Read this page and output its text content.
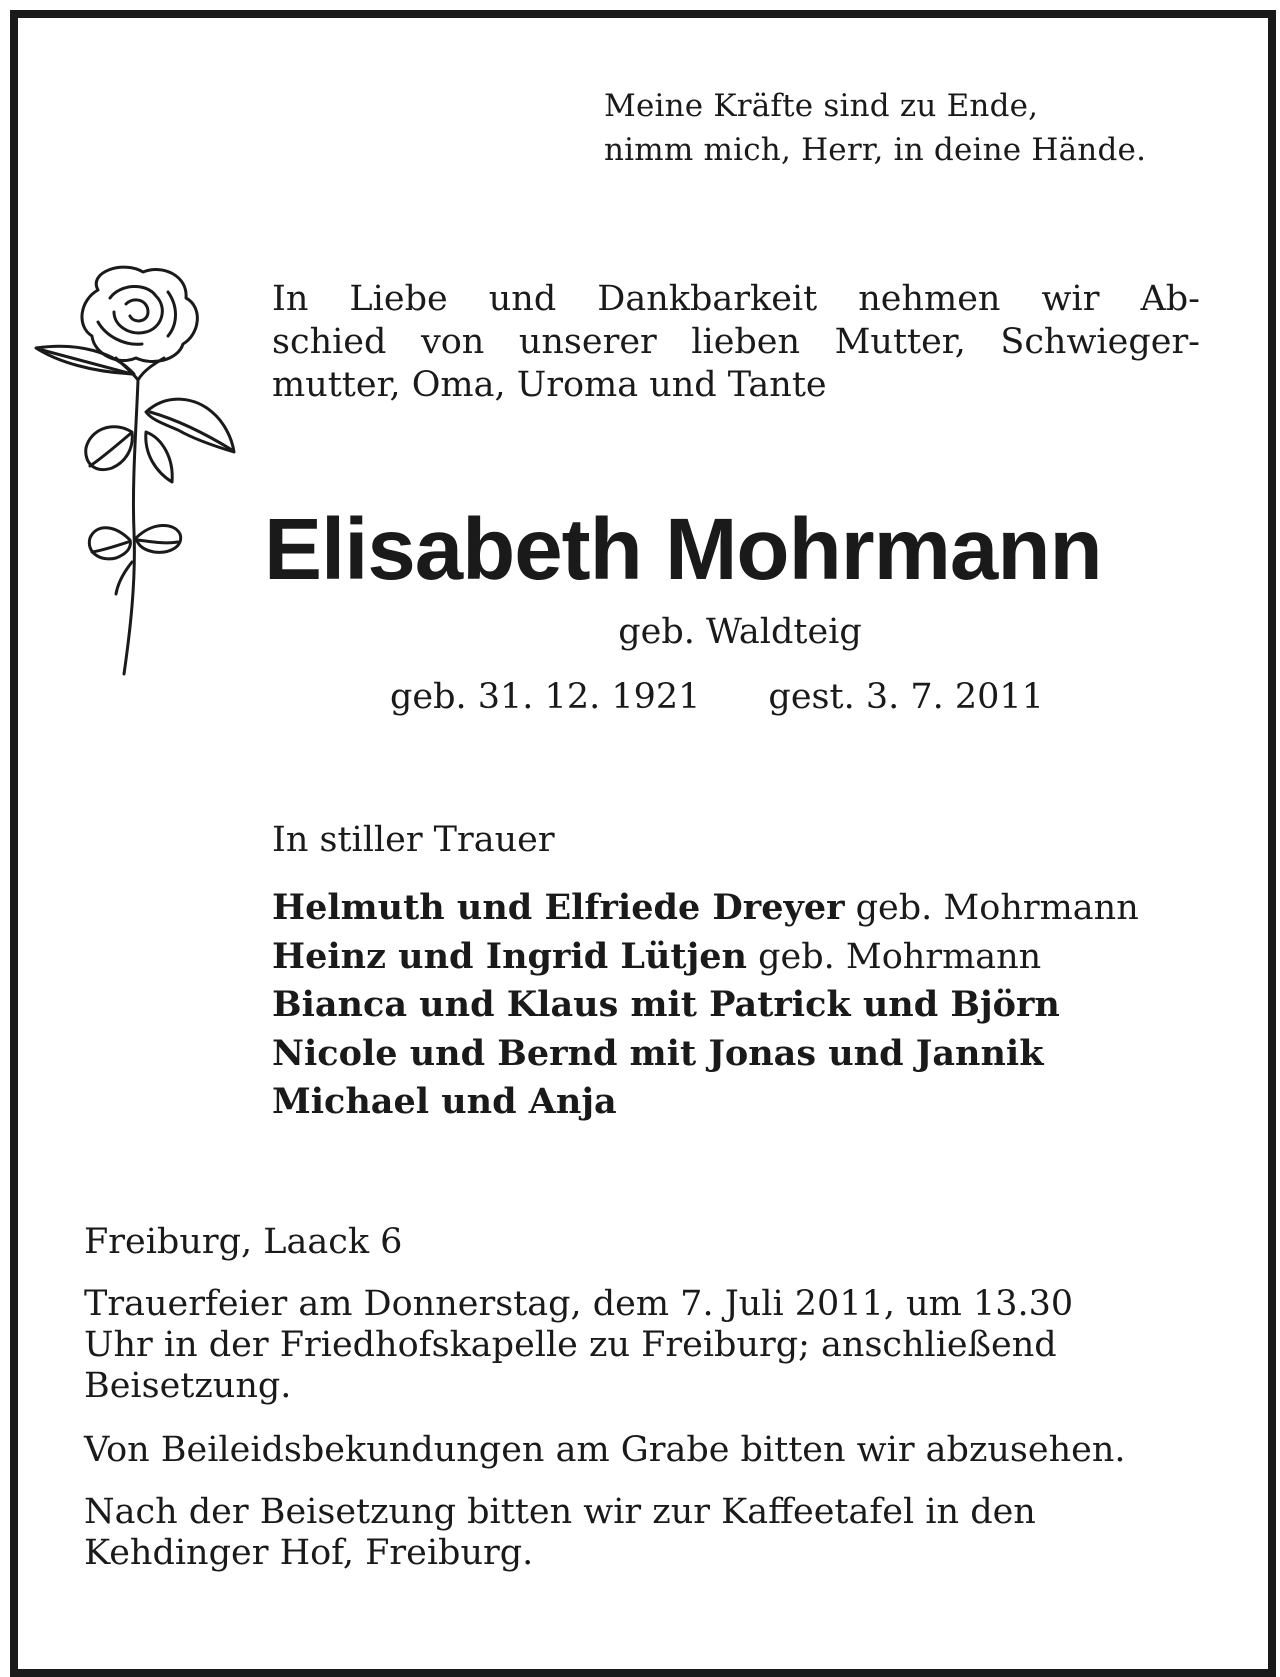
Meine Kräfte sind zu Ende,
nimm mich, Herr, in deine Hände.
In Liebe und Dankbarkeit nehmen wir Ab-
schied von unserer lieben Mutter, Schwieger-
mutter, Oma, Uroma und Tante
Elisabeth Mohrmann
geb. Waldteig
geb. 31. 12. 1921 gest. 3. 7. 2011
In stiller Trauer
Helmuth und Elfriede Dreyer geb. Mohrmann
Heinz und Ingrid Lütjen geb. Mohrmann
Bianca und Klaus mit Patrick und Björn
Nicole und Bernd mit Jonas und Jannik
Michael und Anja
Freiburg, Laack 6
Trauerfeier am Donnerstag, dem 7. Juli 2011, um 13.30
Uhr in der Friedhofskapelle zu Freiburg; anschließend
Beisetzung.
Von Beileidsbekundungen am Grabe bitten wir abzusehen.
Nach der Beisetzung bitten wir zur Kaffeetafel in den
Kehdinger Hof, Freiburg.
